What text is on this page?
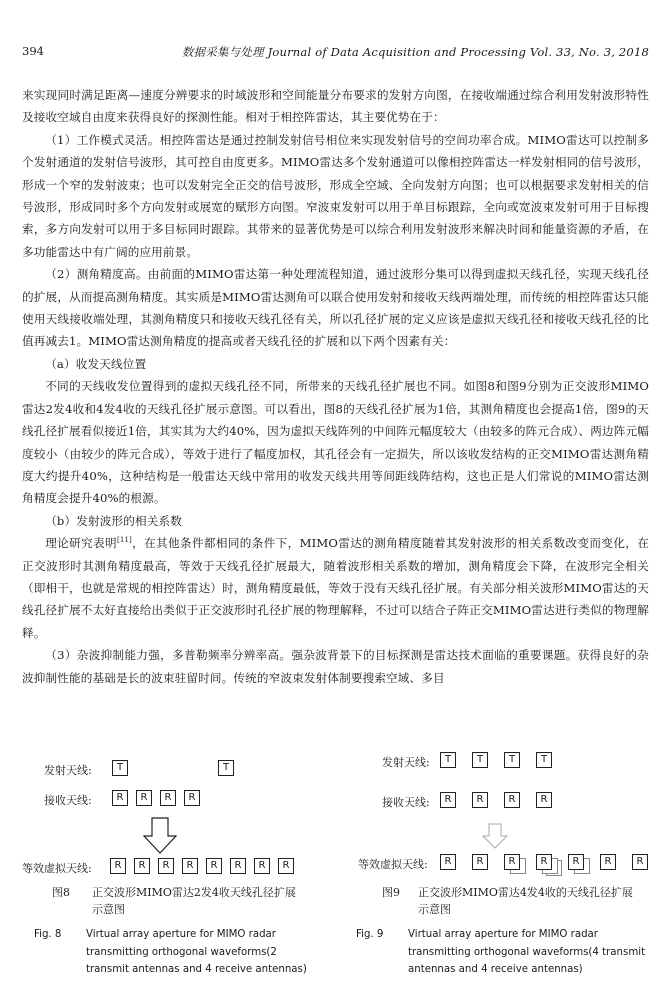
394	数据采集与处理 Journal of Data Acquisition and Processing Vol. 33, No. 3, 2018

来实现同时满足距离—速度分辨要求的时域波形和空间能量分布要求的发射方向图，在接收端通过综合利用发射波形特性及接收空域自由度来获得良好的探测性能。相对于相控阵雷达，其主要优势在于：

（1）工作模式灵活。相控阵雷达是通过控制发射信号相位来实现发射信号的空间功率合成。MIMO雷达可以控制多个发射通道的发射信号波形，其可控自由度更多。MIMO雷达多个发射通道可以像相控阵雷达一样发射相同的信号波形，形成一个窄的发射波束；也可以发射完全正交的信号波形，形成全空域、全向发射方向图；也可以根据要求发射相关的信号波形，形成同时多个方向发射或展宽的赋形方向图。窄波束发射可以用于单目标跟踪，全向或宽波束发射可用于目标搜索，多方向发射可以用于多目标同时跟踪。其带来的显著优势是可以综合利用发射波形来解决时间和能量资源的矛盾，在多功能雷达中有广阔的应用前景。

（2）测角精度高。由前面的MIMO雷达第一种处理流程知道，通过波形分集可以得到虚拟天线孔径，实现天线孔径的扩展，从而提高测角精度。其实质是MIMO雷达测角可以联合使用发射和接收天线两端处理，而传统的相控阵雷达只能使用天线接收端处理，其测角精度只和接收天线孔径有关，所以孔径扩展的定义应该是虚拟天线孔径和接收天线孔径的比值再减去1。MIMO雷达测角精度的提高或者天线孔径的扩展和以下两个因素有关：

（a）收发天线位置

不同的天线收发位置得到的虚拟天线孔径不同，所带来的天线孔径扩展也不同。如图8和图9分别为正交波形MIMO雷达2发4收和4发4收的天线孔径扩展示意图。可以看出，图8的天线孔径扩展为1倍，其测角精度也会提高1倍，图9的天线孔径扩展看似接近1倍，其实其为大约40%，因为虚拟天线阵列的中间阵元幅度较大（由较多的阵元合成）、两边阵元幅度较小（由较少的阵元合成），等效于进行了幅度加权，其孔径会有一定损失，所以该收发结构的正交MIMO雷达测角精度大约提升40%，这种结构是一般雷达天线中常用的收发天线共用等间距线阵结构，这也正是人们常说的MIMO雷达测角精度会提升40%的根源。

（b）发射波形的相关系数

理论研究表明[11]，在其他条件都相同的条件下，MIMO雷达的测角精度随着其发射波形的相关系数改变而变化，在正交波形时其测角精度最高，等效于天线孔径扩展最大，随着波形相关系数的增加，测角精度会下降，在波形完全相关（即相干，也就是常规的相控阵雷达）时，测角精度最低，等效于没有天线孔径扩展。有关部分相关波形MIMO雷达的天线孔径扩展不太好直接给出类似于正交波形时孔径扩展的物理解释，不过可以结合子阵正交MIMO雷达进行类似的物理解释。

（3）杂波抑制能力强，多普勒频率分辨率高。强杂波背景下的目标探测是雷达技术面临的重要课题。获得良好的杂波抑制性能的基础是长的波束驻留时间。传统的窄波束发射体制要搜索空域、多目

发射天线:	T	T
接收天线:	R	R	R	R
等效虚拟天线:	R	R	R	R	R	R	R	R
图8 正交波形MIMO雷达2发4收天线孔径扩展示意图
Fig. 8 Virtual array aperture for MIMO radar transmitting orthogonal waveforms(2 transmit antennas and 4 receive antennas)
发射天线:	T	T	T	T
接收天线:	R	R	R	R
等效虚拟天线:	R	R	R	R	R	R	R
图9 正交波形MIMO雷达4发4收的天线孔径扩展示意图
Fig. 9 Virtual array aperture for MIMO radar transmitting orthogonal waveforms(4 transmit antennas and 4 receive antennas)
